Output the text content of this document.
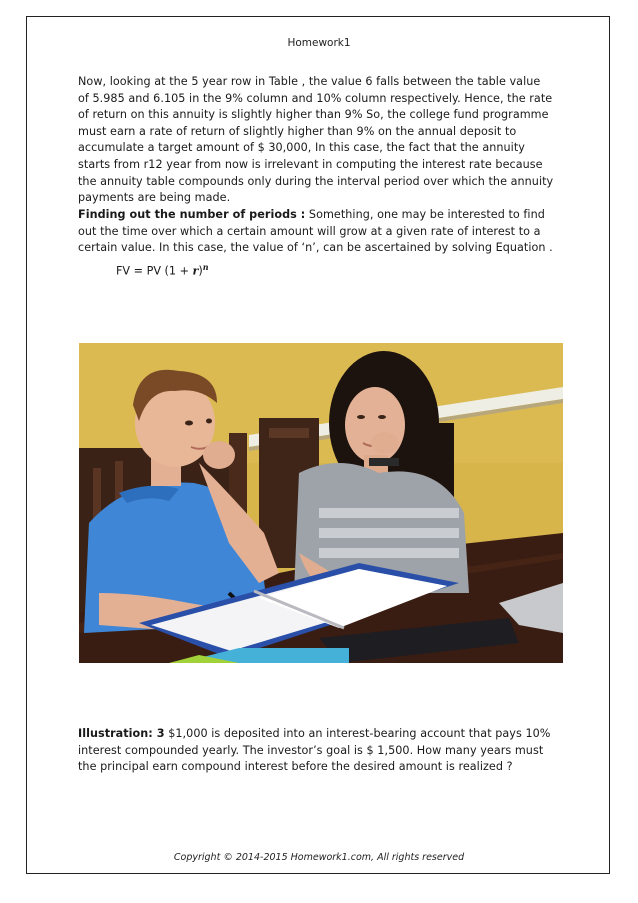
Homework1

Now, looking at the 5 year row in Table , the value 6 falls between the table value of 5.985 and 6.105 in the 9% column and 10% column respectively. Hence, the rate of return on this annuity is slightly higher than 9% So, the college fund programme must earn a rate of return of slightly higher than 9% on the annual deposit to accumulate a target amount of $ 30,000, In this case, the fact that the annuity starts from r12 year from now is irrelevant in computing the interest rate because the annuity table compounds only during the interval period over which the annuity payments are being made.

Finding out the number of periods : Something, one may be interested to find out the time over which a certain amount will grow at a given rate of interest to a certain value. In this case, the value of ‘n’, can be ascertained by solving Equation .

FV = PV $(1 + r)^n$

Illustration: 3 $1,000 is deposited into an interest-bearing account that pays 10% interest compounded yearly. The investor’s goal is $ 1,500. How many years must the principal earn compound interest before the desired amount is realized ?

Copyright © 2014-2015 Homework1.com, All rights reserved
